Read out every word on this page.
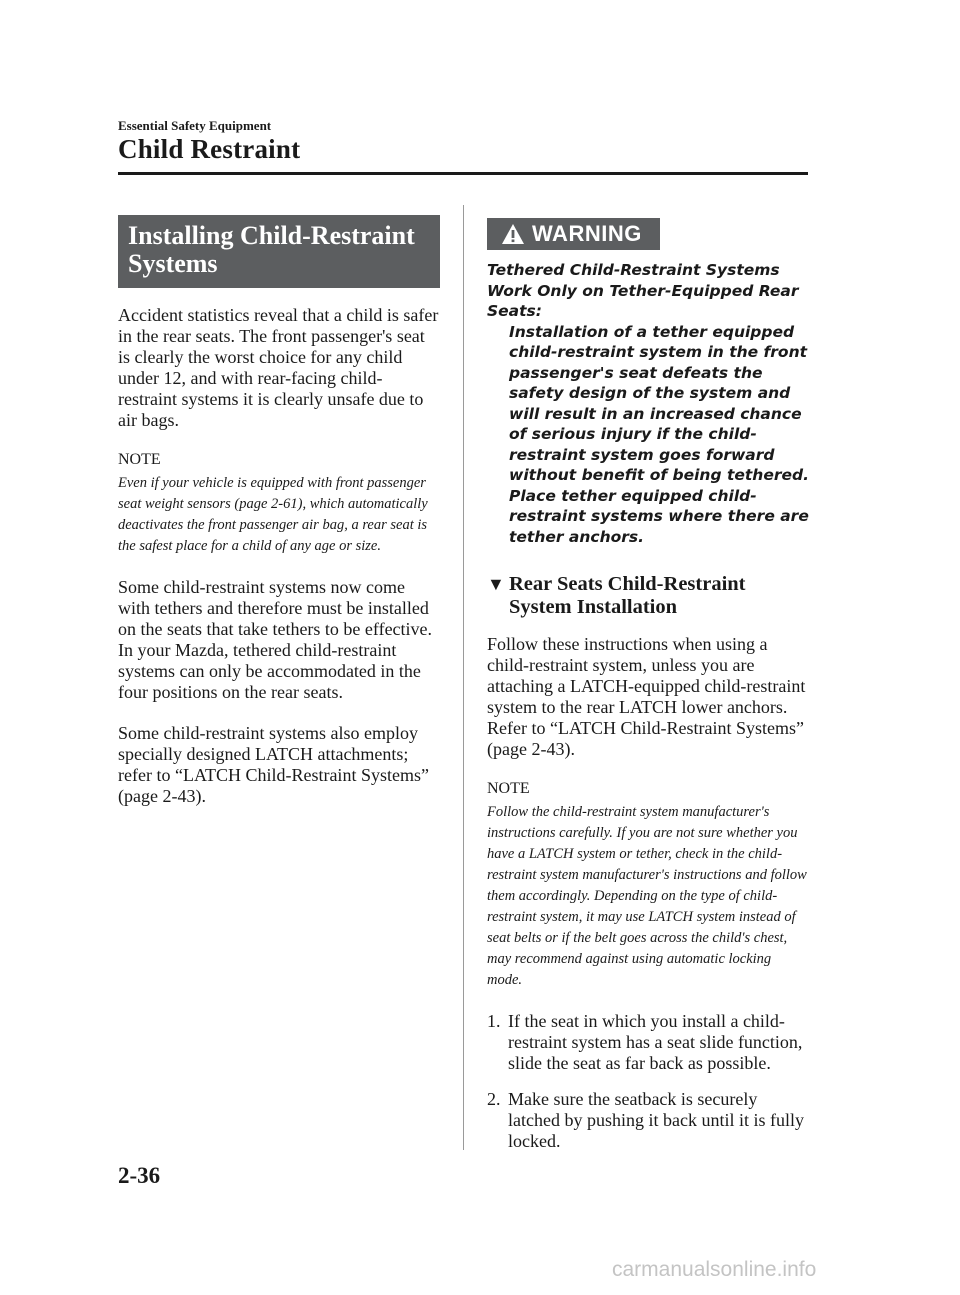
Essential Safety Equipment
Child Restraint
Installing Child-Restraint Systems

Accident statistics reveal that a child is safer in the rear seats. The front passenger's seat is clearly the worst choice for any child under 12, and with rear-facing child-restraint systems it is clearly unsafe due to air bags.

NOTE

Even if your vehicle is equipped with front passenger seat weight sensors (page 2-61), which automatically deactivates the front passenger air bag, a rear seat is the safest place for a child of any age or size.

Some child-restraint systems now come with tethers and therefore must be installed on the seats that take tethers to be effective. In your Mazda, tethered child-restraint systems can only be accommodated in the four positions on the rear seats.

Some child-restraint systems also employ specially designed LATCH attachments; refer to “LATCH Child-Restraint Systems” (page 2-43).

WARNING

Tethered Child-Restraint Systems Work Only on Tether-Equipped Rear Seats:

Installation of a tether equipped child-restraint system in the front passenger's seat defeats the safety design of the system and will result in an increased chance of serious injury if the child-restraint system goes forward without benefit of being tethered.

Place tether equipped child-restraint systems where there are tether anchors.

▼ Rear Seats Child-Restraint System Installation

Follow these instructions when using a child-restraint system, unless you are attaching a LATCH-equipped child-restraint system to the rear LATCH lower anchors. Refer to “LATCH Child-Restraint Systems” (page 2-43).

NOTE

Follow the child-restraint system manufacturer's instructions carefully. If you are not sure whether you have a LATCH system or tether, check in the child-restraint system manufacturer's instructions and follow them accordingly. Depending on the type of child-restraint system, it may use LATCH system instead of seat belts or if the belt goes across the child's chest, may recommend against using automatic locking mode.

1. If the seat in which you install a child-restraint system has a seat slide function, slide the seat as far back as possible.
2. Make sure the seatback is securely latched by pushing it back until it is fully locked.
2-36
carmanualsonline.info
